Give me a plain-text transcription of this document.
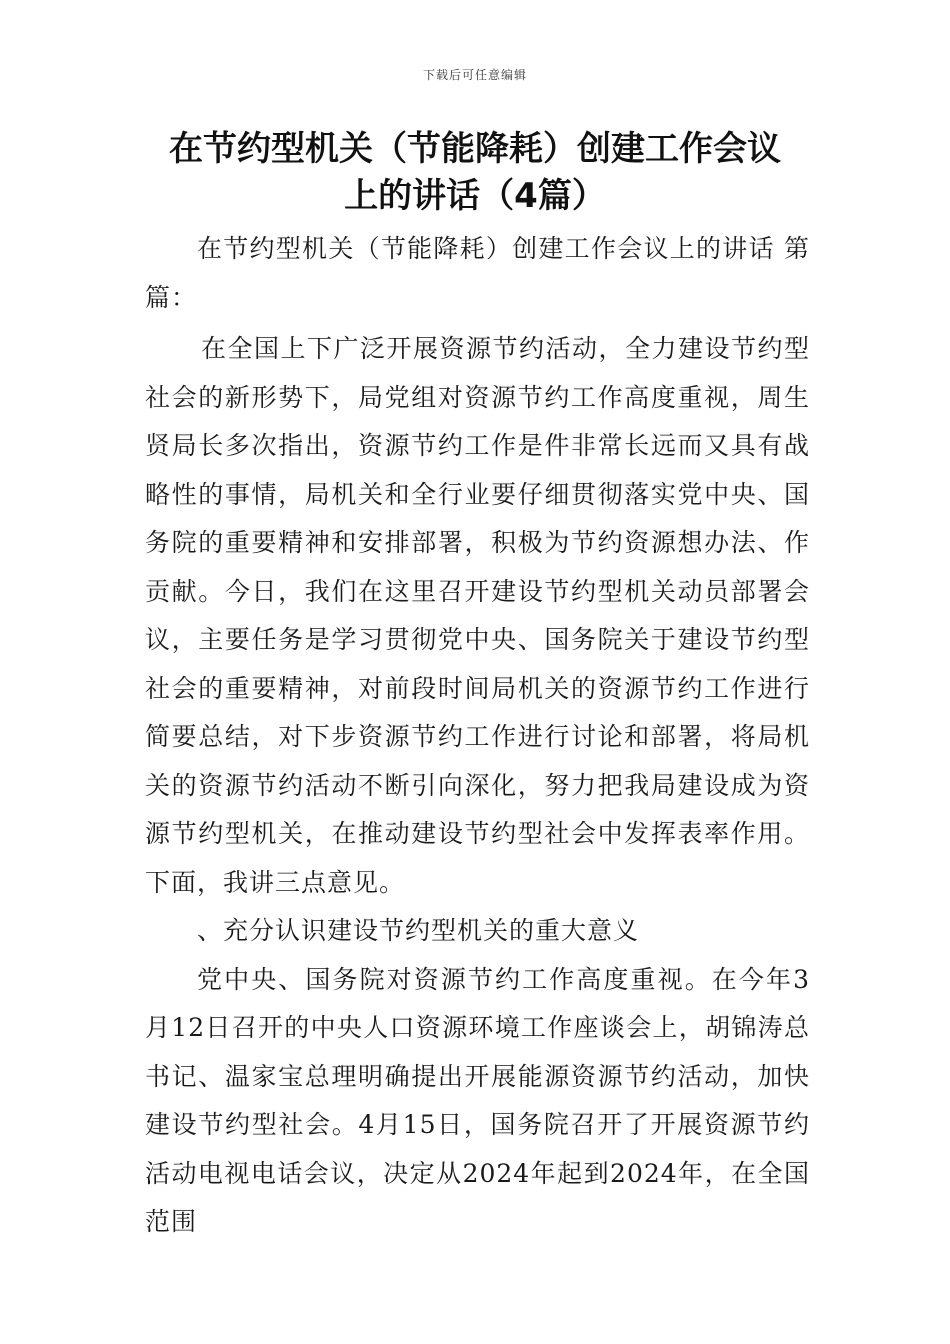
下载后可任意编辑
在节约型机关（节能降耗）创建工作会议
上的讲话（4篇）

在节约型机关（节能降耗）创建工作会议上的讲话 第篇：

在全国上下广泛开展资源节约活动，全力建设节约型社会的新形势下，局党组对资源节约工作高度重视，周生贤局长多次指出，资源节约工作是件非常长远而又具有战略性的事情，局机关和全行业要仔细贯彻落实党中央、国务院的重要精神和安排部署，积极为节约资源想办法、作贡献。今日，我们在这里召开建设节约型机关动员部署会议，主要任务是学习贯彻党中央、国务院关于建设节约型社会的重要精神，对前段时间局机关的资源节约工作进行简要总结，对下步资源节约工作进行讨论和部署，将局机关的资源节约活动不断引向深化，努力把我局建设成为资源节约型机关，在推动建设节约型社会中发挥表率作用。下面，我讲三点意见。

、充分认识建设节约型机关的重大意义

党中央、国务院对资源节约工作高度重视。在今年3月12日召开的中央人口资源环境工作座谈会上，胡锦涛总书记、温家宝总理明确提出开展能源资源节约活动，加快建设节约型社会。4月15日，国务院召开了开展资源节约活动电视电话会议，决定从2024年起到2024年，在全国范围
